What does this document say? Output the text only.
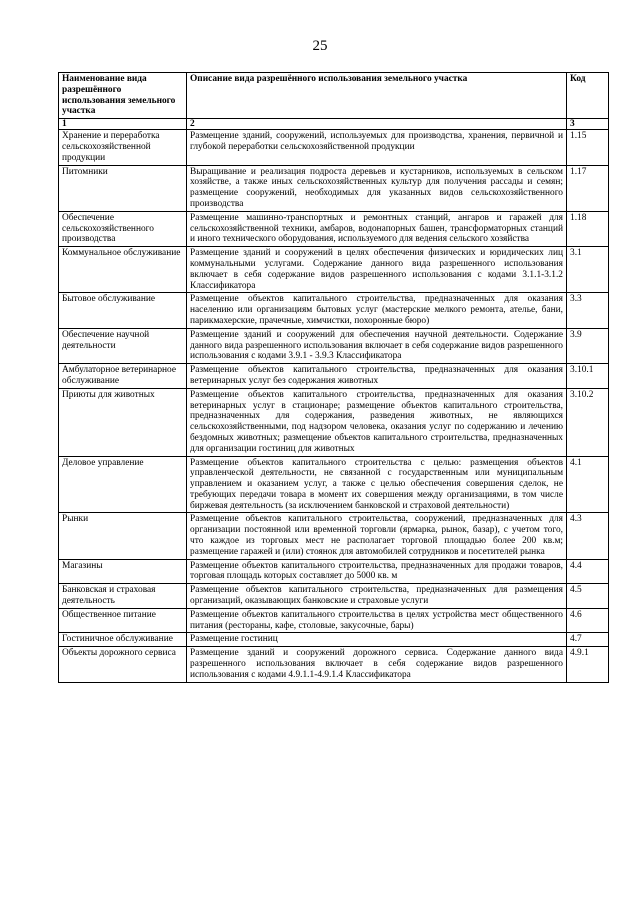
25
Наименование вида разрешённого использования земельного участка	Описание вида разрешённого использования земельного участка	Код
1	2	3
Хранение и переработка сельскохозяйственной продукции	Размещение зданий, сооружений, используемых для производства, хранения, первичной и глубокой переработки сельскохозяйственной продукции	1.15
Питомники	Выращивание и реализация подроста деревьев и кустарников, используемых в сельском хозяйстве, а также иных сельскохозяйственных культур для получения рассады и семян; размещение сооружений, необходимых для указанных видов сельскохозяйственного производства	1.17
Обеспечение сельскохозяйственного производства	Размещение машинно-транспортных и ремонтных станций, ангаров и гаражей для сельскохозяйственной техники, амбаров, водонапорных башен, трансформаторных станций и иного технического оборудования, используемого для ведения сельского хозяйства	1.18
Коммунальное обслуживание	Размещение зданий и сооружений в целях обеспечения физических и юридических лиц коммунальными услугами. Содержание данного вида разрешенного использования включает в себя содержание видов разрешенного использования с кодами 3.1.1-3.1.2 Классификатора	3.1
Бытовое обслуживание	Размещение объектов капитального строительства, предназначенных для оказания населению или организациям бытовых услуг (мастерские мелкого ремонта, ателье, бани, парикмахерские, прачечные, химчистки, похоронные бюро)	3.3
Обеспечение научной деятельности	Размещение зданий и сооружений для обеспечения научной деятельности. Содержание данного вида разрешенного использования включает в себя содержание видов разрешенного использования с кодами 3.9.1 - 3.9.3 Классификатора	3.9
Амбулаторное ветеринарное обслуживание	Размещение объектов капитального строительства, предназначенных для оказания ветеринарных услуг без содержания животных	3.10.1
Приюты для животных	Размещение объектов капитального строительства, предназначенных для оказания ветеринарных услуг в стационаре; размещение объектов капитального строительства, предназначенных для содержания, разведения животных, не являющихся сельскохозяйственными, под надзором человека, оказания услуг по содержанию и лечению бездомных животных; размещение объектов капитального строительства, предназначенных для организации гостиниц для животных	3.10.2
Деловое управление	Размещение объектов капитального строительства с целью: размещения объектов управленческой деятельности, не связанной с государственным или муниципальным управлением и оказанием услуг, а также с целью обеспечения совершения сделок, не требующих передачи товара в момент их совершения между организациями, в том числе биржевая деятельность (за исключением банковской и страховой деятельности)	4.1
Рынки	Размещение объектов капитального строительства, сооружений, предназначенных для организации постоянной или временной торговли (ярмарка, рынок, базар), с учетом того, что каждое из торговых мест не располагает торговой площадью более 200 кв.м; размещение гаражей и (или) стоянок для автомобилей сотрудников и посетителей рынка	4.3
Магазины	Размещение объектов капитального строительства, предназначенных для продажи товаров, торговая площадь которых составляет до 5000 кв. м	4.4
Банковская и страховая деятельность	Размещение объектов капитального строительства, предназначенных для размещения организаций, оказывающих банковские и страховые услуги	4.5
Общественное питание	Размещение объектов капитального строительства в целях устройства мест общественного питания (рестораны, кафе, столовые, закусочные, бары)	4.6
Гостиничное обслуживание	Размещение гостиниц	4.7
Объекты дорожного сервиса	Размещение зданий и сооружений дорожного сервиса. Содержание данного вида разрешенного использования включает в себя содержание видов разрешенного использования с кодами 4.9.1.1-4.9.1.4 Классификатора	4.9.1
